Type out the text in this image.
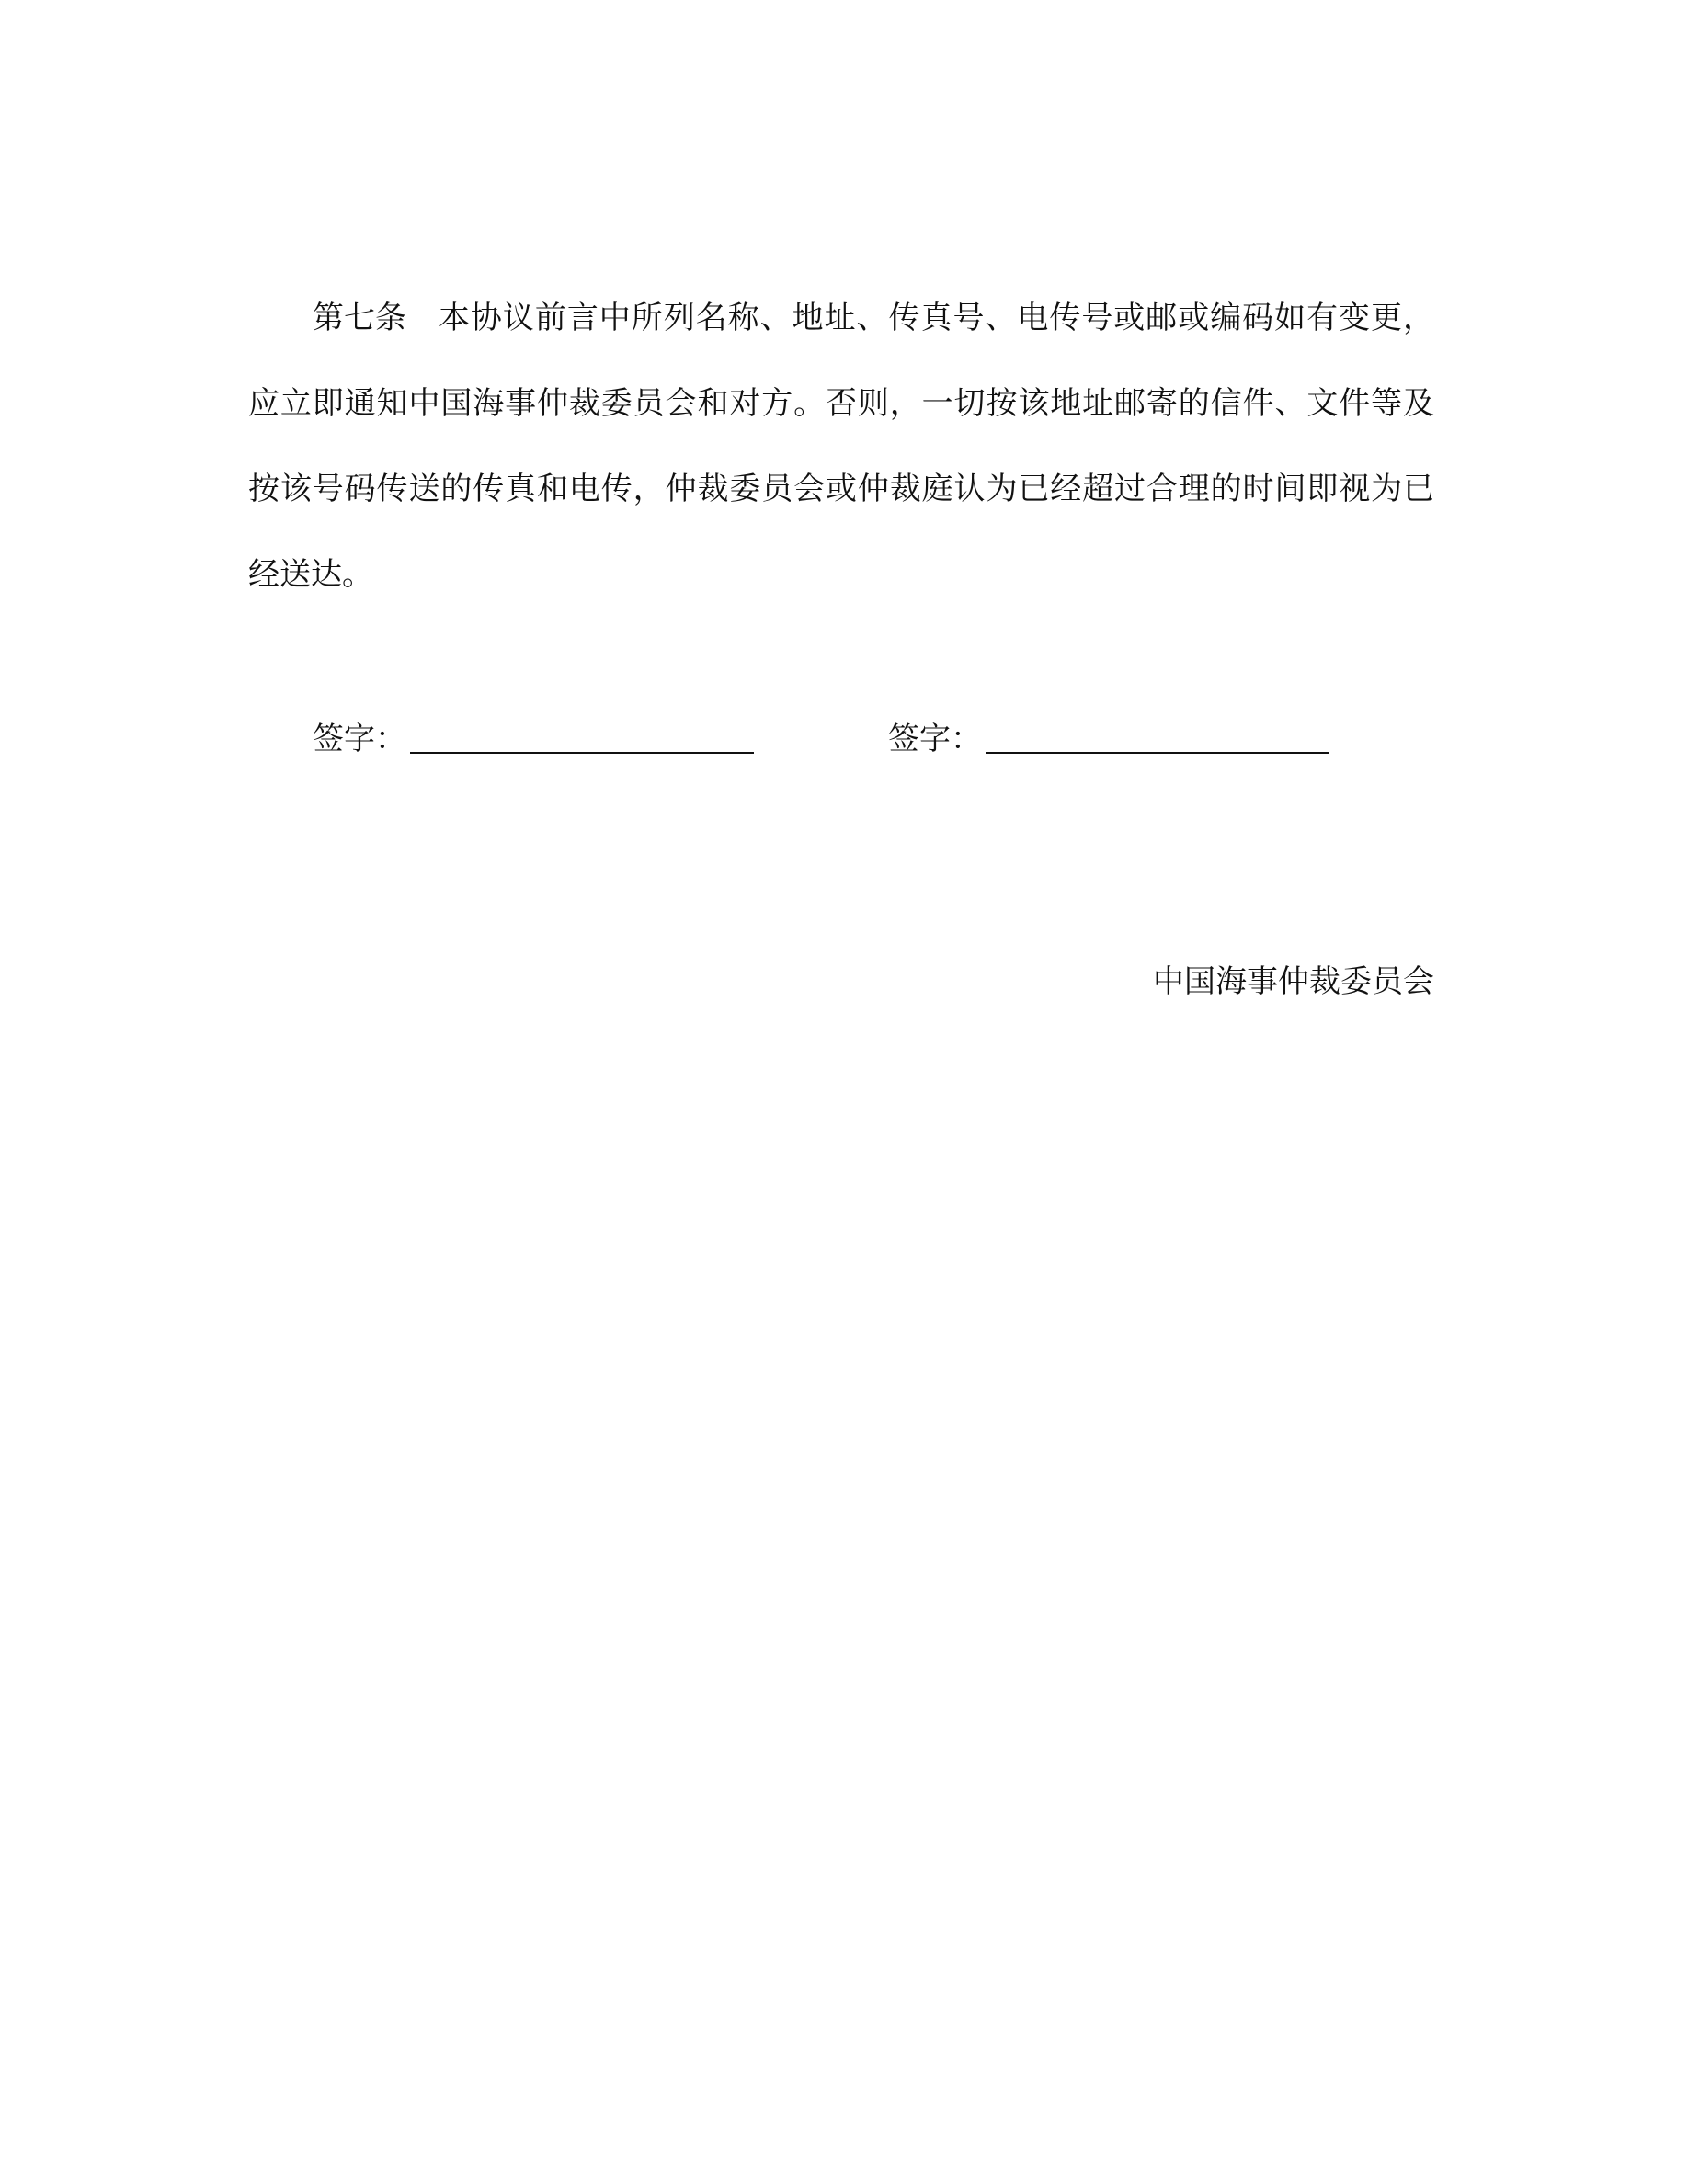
第七条 本协议前言中所列名称、地址、传真号、电传号或邮或编码如有变更，应立即通知中国海事仲裁委员会和对方。否则，一切按该地址邮寄的信件、文件等及按该号码传送的传真和电传，仲裁委员会或仲裁庭认为已经超过合理的时间即视为已经送达。

签字：	签字：
中国海事仲裁委员会
